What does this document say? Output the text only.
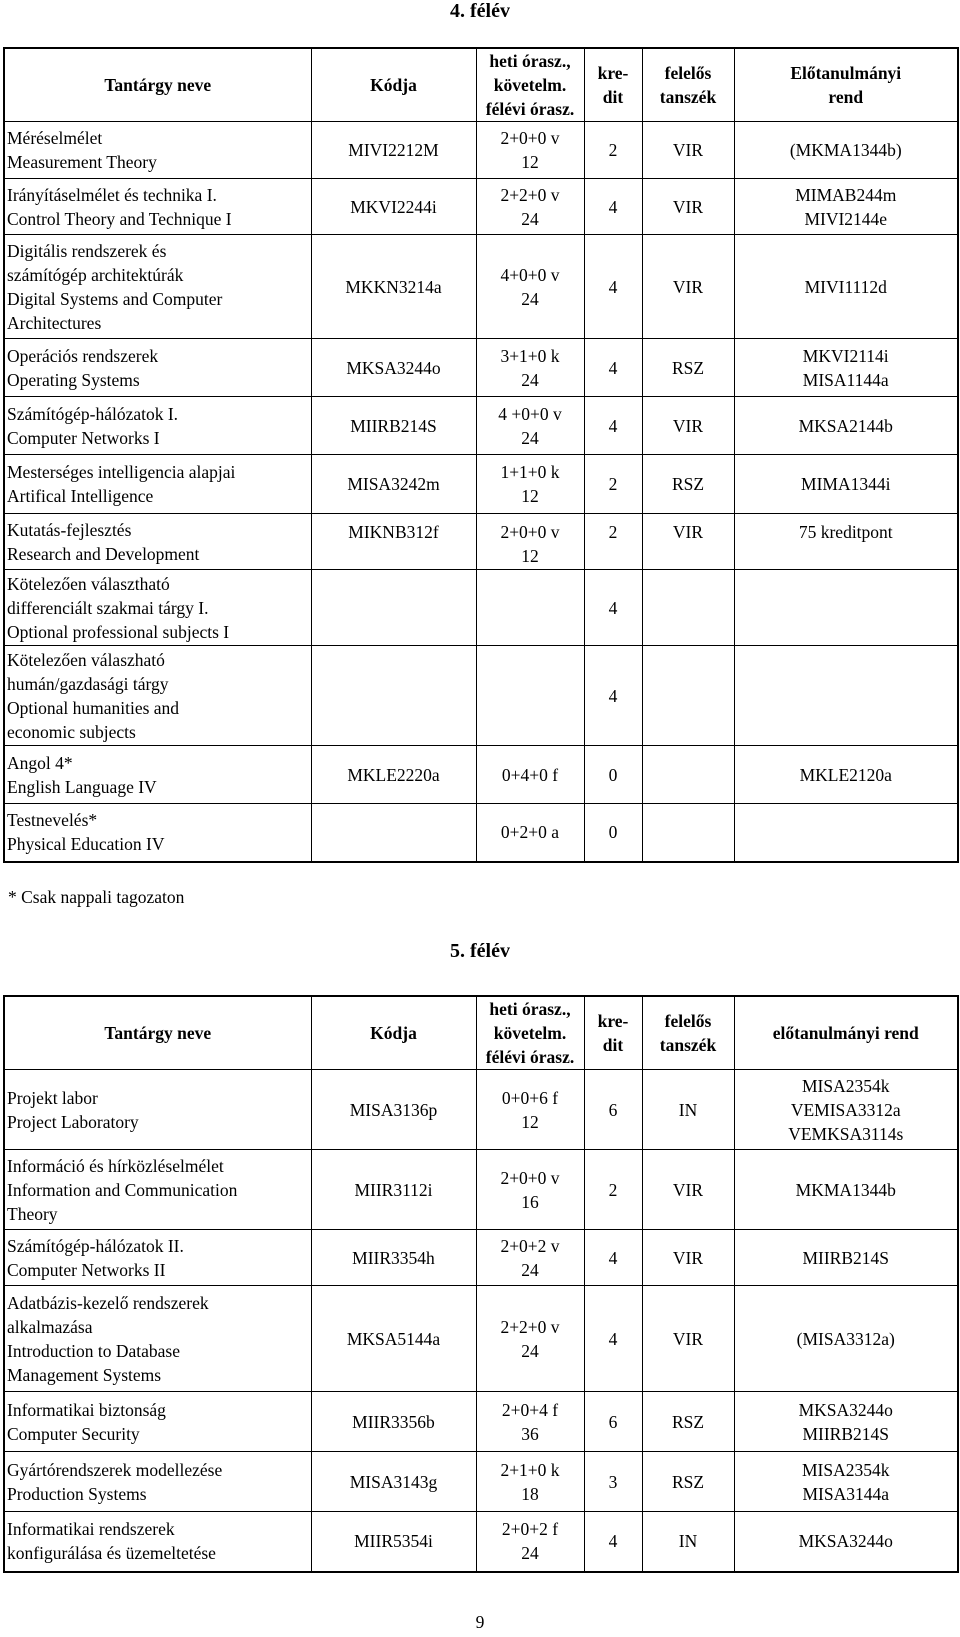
4. félév
Tantárgy neve	Kódja	heti órasz.,
követelm.
félévi órasz.	kre-
dit	felelős
tanszék	Előtanulmányi
rend

Méréselmélet
Measurement Theory	MIVI2212M	2+0+0 v
12	2	VIR	(MKMA1344b)

Irányításelmélet és technika I.
Control Theory and Technique I	MKVI2244i	2+2+0 v
24	4	VIR	MIMAB244m
MIVI2144e

Digitális rendszerek és
számítógép architektúrák
Digital Systems and Computer
Architectures	MKKN3214a	4+0+0 v
24	4	VIR	MIVI1112d

Operációs rendszerek
Operating Systems	MKSA3244o	3+1+0 k
24	4	RSZ	MKVI2114i
MISA1144a

Számítógép-hálózatok I.
Computer Networks I	MIIRB214S	4 +0+0 v
24	4	VIR	MKSA2144b

Mesterséges intelligencia alapjai
Artifical Intelligence	MISA3242m	1+1+0 k
12	2	RSZ	MIMA1344i

Kutatás-fejlesztés
Research and Development	MIKNB312f	2+0+0 v
12	2	VIR	75 kreditpont

Kötelezően választható
differenciált szakmai tárgy I.
Optional professional subjects I			4		

Kötelezően válaszható
humán/gazdasági tárgy
Optional humanities and
economic subjects			4		

Angol 4*
English Language IV	MKLE2220a	0+4+0 f	0		MKLE2120a

Testnevelés*
Physical Education IV		0+2+0 a	0		
* Csak nappali tagozaton
5. félév
Tantárgy neve	Kódja	heti órasz.,
követelm.
félévi órasz.	kre-
dit	felelős
tanszék	előtanulmányi rend

Projekt labor
Project Laboratory	MISA3136p	0+0+6 f
12	6	IN	MISA2354k
VEMISA3312a
VEMKSA3114s

Információ és hírközléselmélet
Information and Communication
Theory	MIIR3112i	2+0+0 v
16	2	VIR	MKMA1344b

Számítógép-hálózatok II.
Computer Networks II	MIIR3354h	2+0+2 v
24	4	VIR	MIIRB214S

Adatbázis-kezelő rendszerek
alkalmazása
Introduction to Database
Management Systems	MKSA5144a	2+2+0 v
24	4	VIR	(MISA3312a)

Informatikai biztonság
Computer Security	MIIR3356b	2+0+4 f
36	6	RSZ	MKSA3244o
MIIRB214S

Gyártórendszerek modellezése
Production Systems	MISA3143g	2+1+0 k
18	3	RSZ	MISA2354k
MISA3144a

Informatikai rendszerek
konfigurálása és üzemeltetése	MIIR5354i	2+0+2 f
24	4	IN	MKSA3244o
9
